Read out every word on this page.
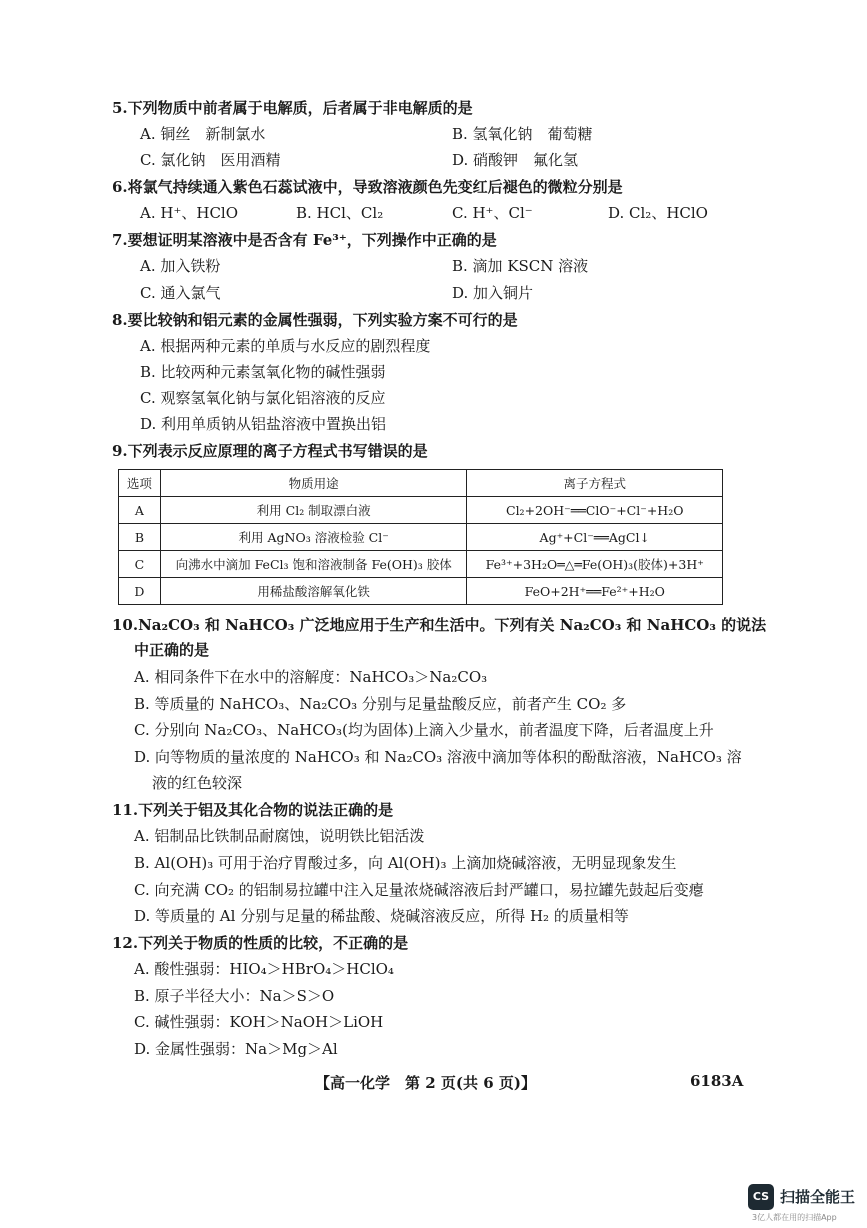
5.下列物质中前者属于电解质，后者属于非电解质的是
A. 铜丝　新制氯水	B. 氢氧化钠　葡萄糖
C. 氯化钠　医用酒精	D. 硝酸钾　氟化氢
6.将氯气持续通入紫色石蕊试液中，导致溶液颜色先变红后褪色的微粒分别是
A. H⁺、HClO	B. HCl、Cl₂	C. H⁺、Cl⁻	D. Cl₂、HClO
7.要想证明某溶液中是否含有 Fe³⁺，下列操作中正确的是
A. 加入铁粉	B. 滴加 KSCN 溶液
C. 通入氯气	D. 加入铜片
8.要比较钠和铝元素的金属性强弱，下列实验方案不可行的是
A. 根据两种元素的单质与水反应的剧烈程度
B. 比较两种元素氢氧化物的碱性强弱
C. 观察氢氧化钠与氯化铝溶液的反应
D. 利用单质钠从铝盐溶液中置换出铝
9.下列表示反应原理的离子方程式书写错误的是
选项	物质用途	离子方程式
A	利用 Cl₂ 制取漂白液	Cl₂+2OH⁻══ClO⁻+Cl⁻+H₂O
B	利用 AgNO₃ 溶液检验 Cl⁻	Ag⁺+Cl⁻══AgCl↓
C	向沸水中滴加 FeCl₃ 饱和溶液制备 Fe(OH)₃ 胶体	Fe³⁺+3H₂O═△═Fe(OH)₃(胶体)+3H⁺
D	用稀盐酸溶解氧化铁	FeO+2H⁺══Fe²⁺+H₂O
10.Na₂CO₃ 和 NaHCO₃ 广泛地应用于生产和生活中。下列有关 Na₂CO₃ 和 NaHCO₃ 的说法
中正确的是
A. 相同条件下在水中的溶解度：NaHCO₃＞Na₂CO₃
B. 等质量的 NaHCO₃、Na₂CO₃ 分别与足量盐酸反应，前者产生 CO₂ 多
C. 分别向 Na₂CO₃、NaHCO₃(均为固体)上滴入少量水，前者温度下降，后者温度上升
D. 向等物质的量浓度的 NaHCO₃ 和 Na₂CO₃ 溶液中滴加等体积的酚酞溶液，NaHCO₃ 溶
液的红色较深
11.下列关于铝及其化合物的说法正确的是
A. 铝制品比铁制品耐腐蚀，说明铁比铝活泼
B. Al(OH)₃ 可用于治疗胃酸过多，向 Al(OH)₃ 上滴加烧碱溶液，无明显现象发生
C. 向充满 CO₂ 的铝制易拉罐中注入足量浓烧碱溶液后封严罐口，易拉罐先鼓起后变瘪
D. 等质量的 Al 分别与足量的稀盐酸、烧碱溶液反应，所得 H₂ 的质量相等
12.下列关于物质的性质的比较，不正确的是
A. 酸性强弱：HIO₄＞HBrO₄＞HClO₄
B. 原子半径大小：Na＞S＞O
C. 碱性强弱：KOH＞NaOH＞LiOH
D. 金属性强弱：Na＞Mg＞Al
【高一化学　第 2 页(共 6 页)】	6183A
CS 扫描全能王
3亿人都在用的扫描App
